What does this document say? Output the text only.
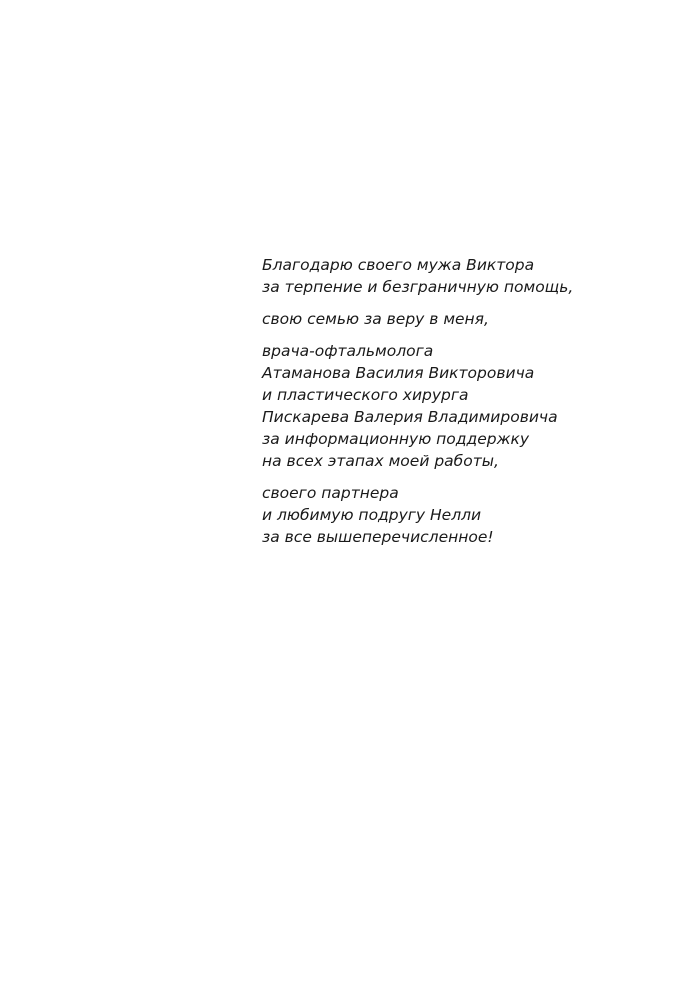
Благодарю своего мужа Виктора
за терпение и безграничную помощь,

свою семью за веру в меня,

врача-офтальмолога
Атаманова Василия Викторовича
и пластического хирурга
Пискарева Валерия Владимировича
за информационную поддержку
на всех этапах моей работы,

своего партнера
и любимую подругу Нелли
за все вышеперечисленное!
